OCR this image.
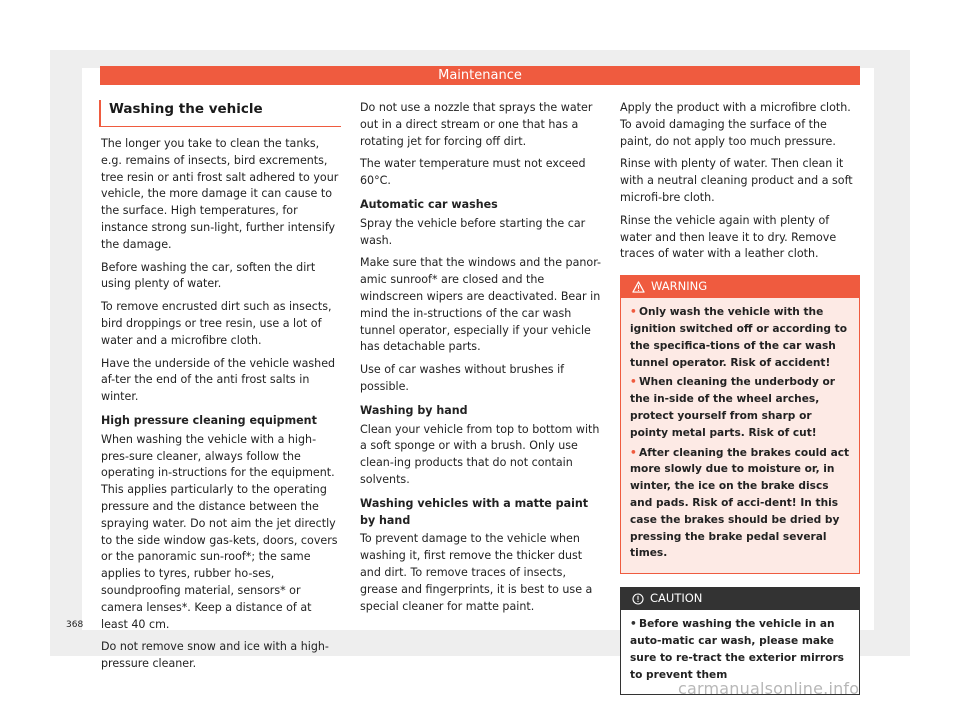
Maintenance
Washing the vehicle

The longer you take to clean the tanks, e.g. remains of insects, bird excrements, tree resin or anti frost salt adhered to your vehicle, the more damage it can cause to the surface. High temperatures, for instance strong sun-light, further intensify the damage.

Before washing the car, soften the dirt using plenty of water.

To remove encrusted dirt such as insects, bird droppings or tree resin, use a lot of water and a microfibre cloth.

Have the underside of the vehicle washed af-ter the end of the anti frost salts in winter.

High pressure cleaning equipment

When washing the vehicle with a high-pres-sure cleaner, always follow the operating in-structions for the equipment. This applies particularly to the operating pressure and the distance between the spraying water. Do not aim the jet directly to the side window gas-kets, doors, covers or the panoramic sun-roof*; the same applies to tyres, rubber ho-ses, soundproofing material, sensors* or camera lenses*. Keep a distance of at least 40 cm.

Do not remove snow and ice with a high-pressure cleaner.

Do not use a nozzle that sprays the water out in a direct stream or one that has a rotating jet for forcing off dirt.

The water temperature must not exceed 60°C.

Automatic car washes

Spray the vehicle before starting the car wash.

Make sure that the windows and the panor-amic sunroof* are closed and the windscreen wipers are deactivated. Bear in mind the in-structions of the car wash tunnel operator, especially if your vehicle has detachable parts.

Use of car washes without brushes if possible.

Washing by hand

Clean your vehicle from top to bottom with a soft sponge or with a brush. Only use clean-ing products that do not contain solvents.

Washing vehicles with a matte paint by hand

To prevent damage to the vehicle when washing it, first remove the thicker dust and dirt. To remove traces of insects, grease and fingerprints, it is best to use a special cleaner for matte paint.

Apply the product with a microfibre cloth. To avoid damaging the surface of the paint, do not apply too much pressure.

Rinse with plenty of water. Then clean it with a neutral cleaning product and a soft microfi-bre cloth.

Rinse the vehicle again with plenty of water and then leave it to dry. Remove traces of water with a leather cloth.

WARNING
• Only wash the vehicle with the ignition switched off or according to the specifica-tions of the car wash tunnel operator. Risk of accident!
• When cleaning the underbody or the in-side of the wheel arches, protect yourself from sharp or pointy metal parts. Risk of cut!
• After cleaning the brakes could act more slowly due to moisture or, in winter, the ice on the brake discs and pads. Risk of acci-dent! In this case the brakes should be dried by pressing the brake pedal several times.
CAUTION
• Before washing the vehicle in an auto-matic car wash, please make sure to re-tract the exterior mirrors to prevent them
368
carmanualsonline.info
